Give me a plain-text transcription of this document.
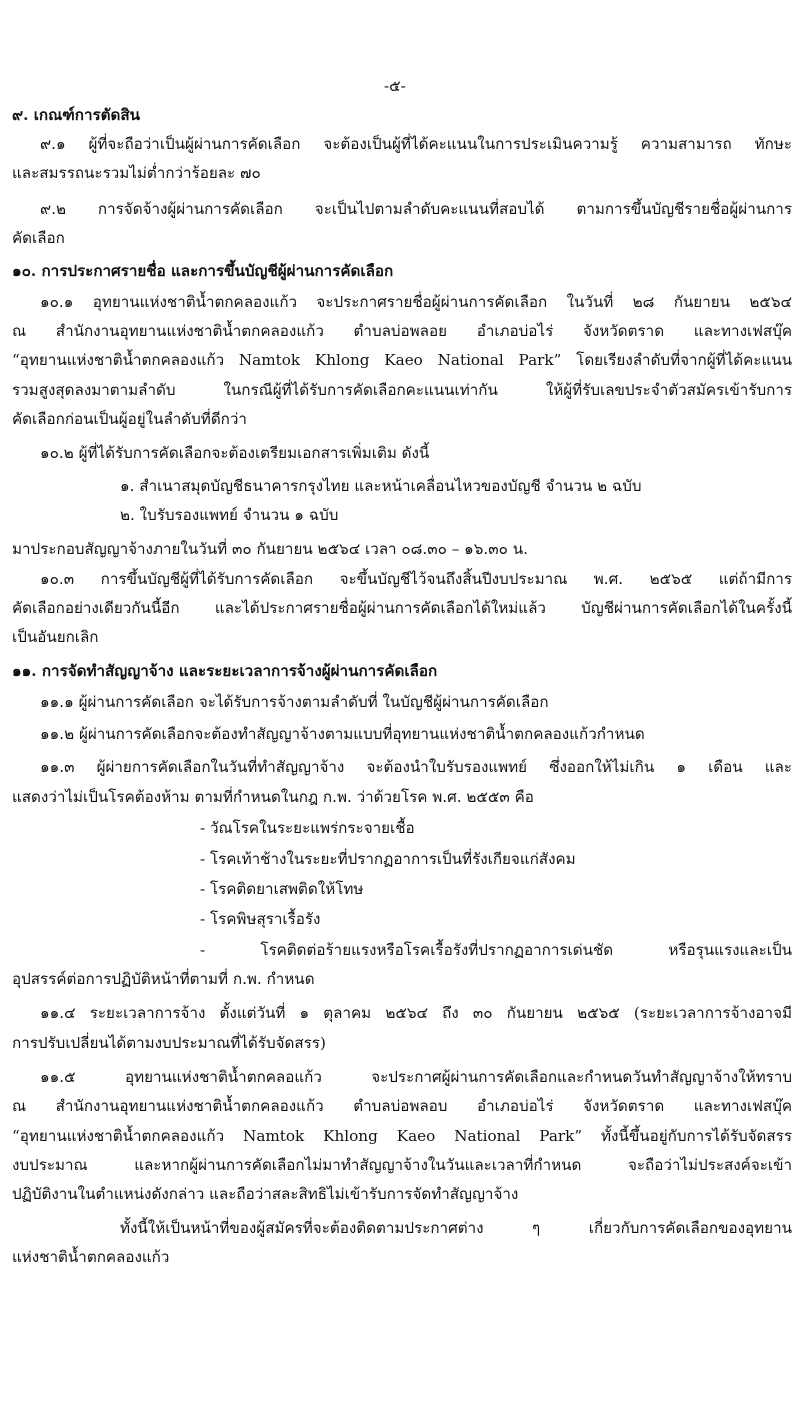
-๕-

๙. เกณฑ์การตัดสิน

๙.๑ ผู้ที่จะถือว่าเป็นผู้ผ่านการคัดเลือก จะต้องเป็นผู้ที่ได้คะแนนในการประเมินความรู้ ความสามารถ ทักษะ

และสมรรถนะรวมไม่ต่ำกว่าร้อยละ ๗๐

๙.๒ การจัดจ้างผู้ผ่านการคัดเลือก จะเป็นไปตามลำดับคะแนนที่สอบได้ ตามการขึ้นบัญชีรายชื่อผู้ผ่านการ

คัดเลือก

๑๐. การประกาศรายชื่อ และการขึ้นบัญชีผู้ผ่านการคัดเลือก

๑๐.๑ อุทยานแห่งชาติน้ำตกคลองแก้ว จะประกาศรายชื่อผู้ผ่านการคัดเลือก ในวันที่ ๒๘ กันยายน ๒๕๖๔

ณ สำนักงานอุทยานแห่งชาติน้ำตกคลองแก้ว ตำบลบ่อพลอย อำเภอบ่อไร่ จังหวัดตราด และทางเฟสบุ๊ค

“อุทยานแห่งชาติน้ำตกคลองแก้ว Namtok Khlong Kaeo National Park” โดยเรียงลำดับที่จากผู้ที่ได้คะแนน

รวมสูงสุดลงมาตามลำดับ ในกรณีผู้ที่ได้รับการคัดเลือกคะแนนเท่ากัน ให้ผู้ที่รับเลขประจำตัวสมัครเข้ารับการ

คัดเลือกก่อนเป็นผู้อยู่ในลำดับที่ดีกว่า

๑๐.๒ ผู้ที่ได้รับการคัดเลือกจะต้องเตรียมเอกสารเพิ่มเติม ดังนี้

๑. สำเนาสมุดบัญชีธนาคารกรุงไทย และหน้าเคลื่อนไหวของบัญชี จำนวน ๒ ฉบับ

๒. ใบรับรองแพทย์ จำนวน ๑ ฉบับ

มาประกอบสัญญาจ้างภายในวันที่ ๓๐ กันยายน ๒๕๖๔ เวลา ๐๘.๓๐ – ๑๖.๓๐ น.

๑๐.๓ การขึ้นบัญชีผู้ที่ได้รับการคัดเลือก จะขึ้นบัญชีไว้จนถึงสิ้นปีงบประมาณ พ.ศ. ๒๕๖๕ แต่ถ้ามีการ

คัดเลือกอย่างเดียวกันนี้อีก และได้ประกาศรายชื่อผู้ผ่านการคัดเลือกได้ใหม่แล้ว บัญชีผ่านการคัดเลือกได้ในครั้งนี้

เป็นอันยกเลิก

๑๑. การจัดทำสัญญาจ้าง และระยะเวลาการจ้างผู้ผ่านการคัดเลือก

๑๑.๑ ผู้ผ่านการคัดเลือก จะได้รับการจ้างตามลำดับที่ ในบัญชีผู้ผ่านการคัดเลือก

๑๑.๒ ผู้ผ่านการคัดเลือกจะต้องทำสัญญาจ้างตามแบบที่อุทยานแห่งชาติน้ำตกคลองแก้วกำหนด

๑๑.๓ ผู้ผ่ายการคัดเลือกในวันที่ทำสัญญาจ้าง จะต้องนำใบรับรองแพทย์ ซึ่งออกให้ไม่เกิน ๑ เดือน และ

แสดงว่าไม่เป็นโรคต้องห้าม ตามที่กำหนดในกฎ ก.พ. ว่าด้วยโรค พ.ศ. ๒๕๕๓ คือ

- วัณโรคในระยะแพร่กระจายเชื้อ

- โรคเท้าช้างในระยะที่ปรากฏอาการเป็นที่รังเกียจแก่สังคม

- โรคติดยาเสพติดให้โทษ

- โรคพิษสุราเรื้อรัง

- โรคติดต่อร้ายแรงหรือโรคเรื้อรังที่ปรากฏอาการเด่นชัด หรือรุนแรงและเป็น

อุปสรรค์ต่อการปฏิบัติหน้าที่ตามที่ ก.พ. กำหนด

๑๑.๔ ระยะเวลาการจ้าง ตั้งแต่วันที่ ๑ ตุลาคม ๒๕๖๔ ถึง ๓๐ กันยายน ๒๕๖๕ (ระยะเวลาการจ้างอาจมี

การปรับเปลี่ยนได้ตามงบประมาณที่ได้รับจัดสรร)

๑๑.๕ อุทยานแห่งชาติน้ำตกคลอแก้ว จะประกาศผู้ผ่านการคัดเลือกและกำหนดวันทำสัญญาจ้างให้ทราบ

ณ สำนักงานอุทยานแห่งชาติน้ำตกคลองแก้ว ตำบลบ่อพลอบ อำเภอบ่อไร่ จังหวัดตราด และทางเฟสบุ๊ค

“อุทยานแห่งชาติน้ำตกคลองแก้ว Namtok Khlong Kaeo National Park” ทั้งนี้ขึ้นอยู่กับการได้รับจัดสรร

งบประมาณ และหากผู้ผ่านการคัดเลือกไม่มาทำสัญญาจ้างในวันและเวลาที่กำหนด จะถือว่าไม่ประสงค์จะเข้า

ปฏิบัติงานในตำแหน่งดังกล่าว และถือว่าสละสิทธิไม่เข้ารับการจัดทำสัญญาจ้าง

ทั้งนี้ให้เป็นหน้าที่ของผู้สมัครที่จะต้องติดตามประกาศต่าง ๆ เกี่ยวกับการคัดเลือกของอุทยาน

แห่งชาติน้ำตกคลองแก้ว
